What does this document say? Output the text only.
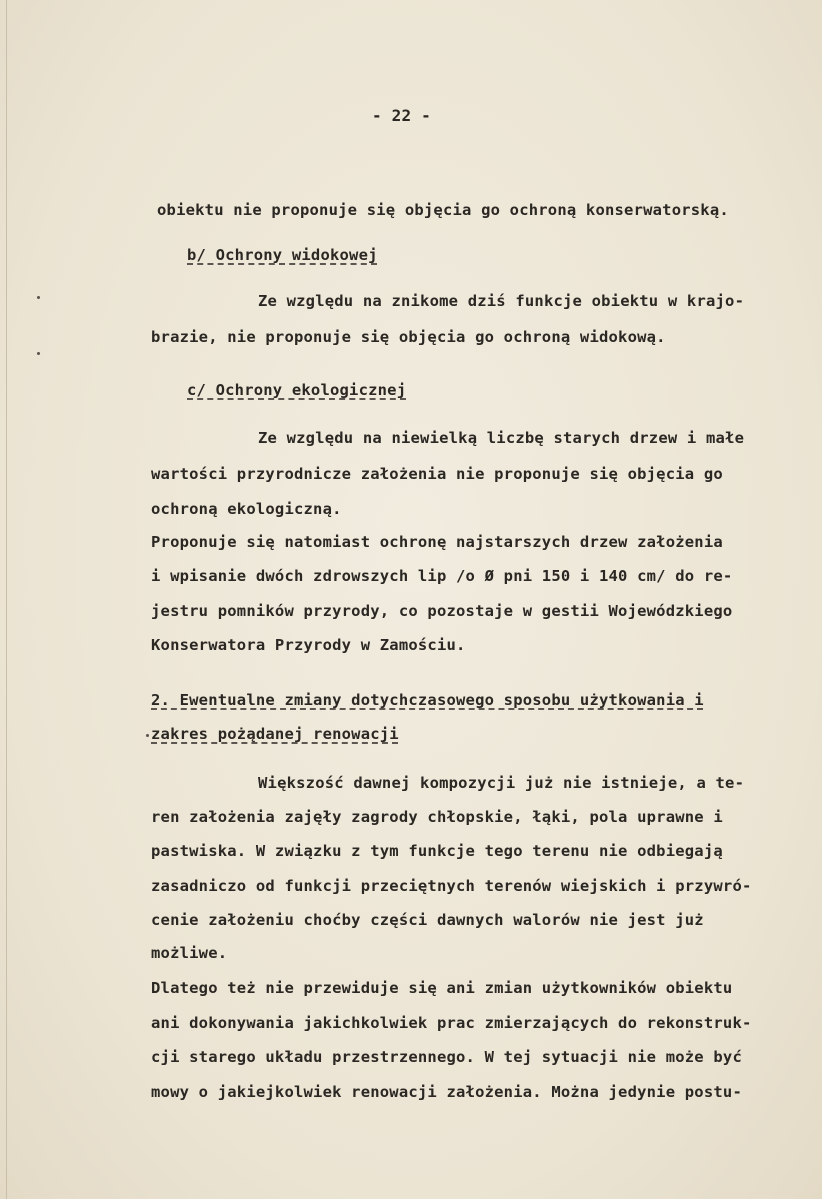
- 22 -
obiektu nie proponuje się objęcia go ochroną konserwatorską.
b/ Ochrony widokowej
Ze względu na znikome dziś funkcje obiektu w krajo-
brazie, nie proponuje się objęcia go ochroną widokową.
c/ Ochrony ekologicznej
Ze względu na niewielką liczbę starych drzew i małe
wartości przyrodnicze założenia nie proponuje się objęcia go
ochroną ekologiczną.
Proponuje się natomiast ochronę najstarszych drzew założenia
i wpisanie dwóch zdrowszych lip /o Ø pni 150 i 140 cm/ do re-
jestru pomników przyrody, co pozostaje w gestii Wojewódzkiego
Konserwatora Przyrody w Zamościu.
2. Ewentualne zmiany dotychczasowego sposobu użytkowania i
zakres pożądanej renowacji
Większość dawnej kompozycji już nie istnieje, a te-
ren założenia zajęły zagrody chłopskie, łąki, pola uprawne i
pastwiska. W związku z tym funkcje tego terenu nie odbiegają
zasadniczo od funkcji przeciętnych terenów wiejskich i przywró-
cenie założeniu choćby części dawnych walorów nie jest już
możliwe.
Dlatego też nie przewiduje się ani zmian użytkowników obiektu
ani dokonywania jakichkolwiek prac zmierzających do rekonstruk-
cji starego układu przestrzennego. W tej sytuacji nie może być
mowy o jakiejkolwiek renowacji założenia. Można jedynie postu-
